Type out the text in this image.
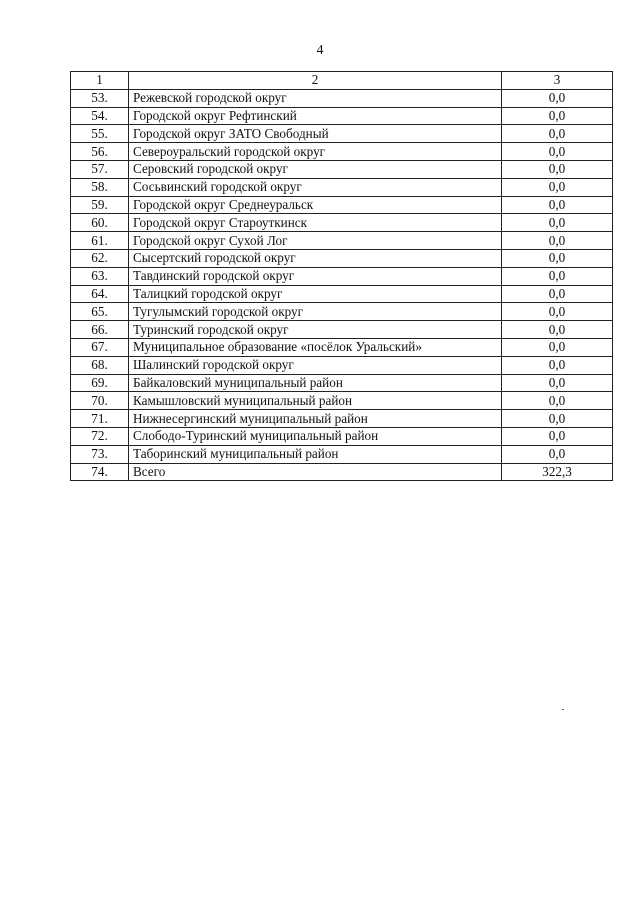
4
1	2	3
53.	Режевской городской округ	0,0
54.	Городской округ Рефтинский	0,0
55.	Городской округ ЗАТО Свободный	0,0
56.	Североуральский городской округ	0,0
57.	Серовский городской округ	0,0
58.	Сосьвинский городской округ	0,0
59.	Городской округ Среднеуральск	0,0
60.	Городской округ Староуткинск	0,0
61.	Городской округ Сухой Лог	0,0
62.	Сысертский городской округ	0,0
63.	Тавдинский городской округ	0,0
64.	Талицкий городской округ	0,0
65.	Тугулымский городской округ	0,0
66.	Туринский городской округ	0,0
67.	Муниципальное образование «посёлок Уральский»	0,0
68.	Шалинский городской округ	0,0
69.	Байкаловский муниципальный район	0,0
70.	Камышловский муниципальный район	0,0
71.	Нижнесергинский муниципальный район	0,0
72.	Слободо-Туринский муниципальный район	0,0
73.	Таборинский муниципальный район	0,0
74.	Всего	322,3
